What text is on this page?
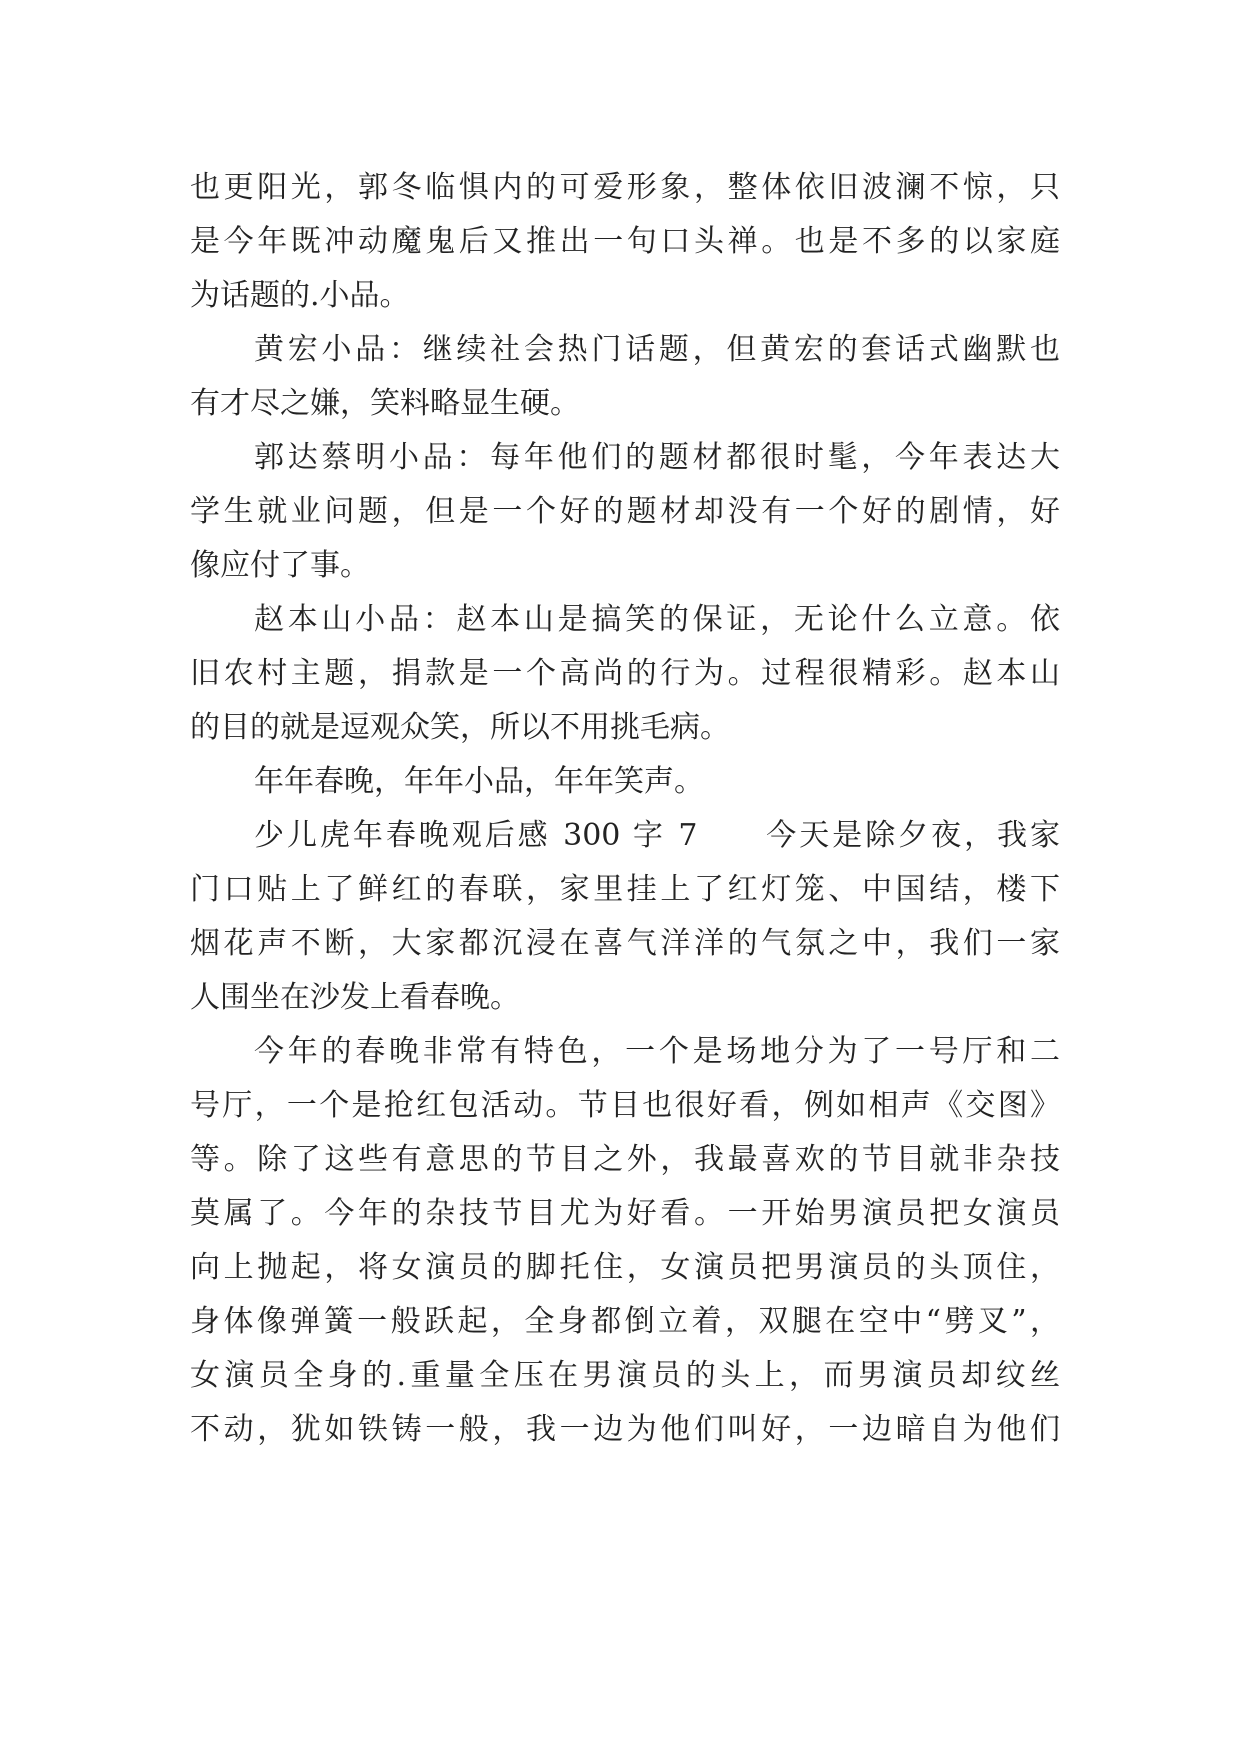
也更阳光，郭冬临惧内的可爱形象，整体依旧波澜不惊，只
是今年既冲动魔鬼后又推出一句口头禅。也是不多的以家庭
为话题的.小品。
黄宏小品：继续社会热门话题，但黄宏的套话式幽默也
有才尽之嫌，笑料略显生硬。
郭达蔡明小品：每年他们的题材都很时髦，今年表达大
学生就业问题，但是一个好的题材却没有一个好的剧情，好
像应付了事。
赵本山小品：赵本山是搞笑的保证，无论什么立意。依
旧农村主题，捐款是一个高尚的行为。过程很精彩。赵本山
的目的就是逗观众笑，所以不用挑毛病。
年年春晚，年年小品，年年笑声。
少儿虎年春晚观后感 300 字 7　　今天是除夕夜，我家
门口贴上了鲜红的春联，家里挂上了红灯笼、中国结，楼下
烟花声不断，大家都沉浸在喜气洋洋的气氛之中，我们一家
人围坐在沙发上看春晚。
今年的春晚非常有特色，一个是场地分为了一号厅和二
号厅，一个是抢红包活动。节目也很好看，例如相声《交图》
等。除了这些有意思的节目之外，我最喜欢的节目就非杂技
莫属了。今年的杂技节目尤为好看。一开始男演员把女演员
向上抛起，将女演员的脚托住，女演员把男演员的头顶住，
身体像弹簧一般跃起，全身都倒立着，双腿在空中“劈叉”，
女演员全身的.重量全压在男演员的头上，而男演员却纹丝
不动，犹如铁铸一般，我一边为他们叫好，一边暗自为他们
